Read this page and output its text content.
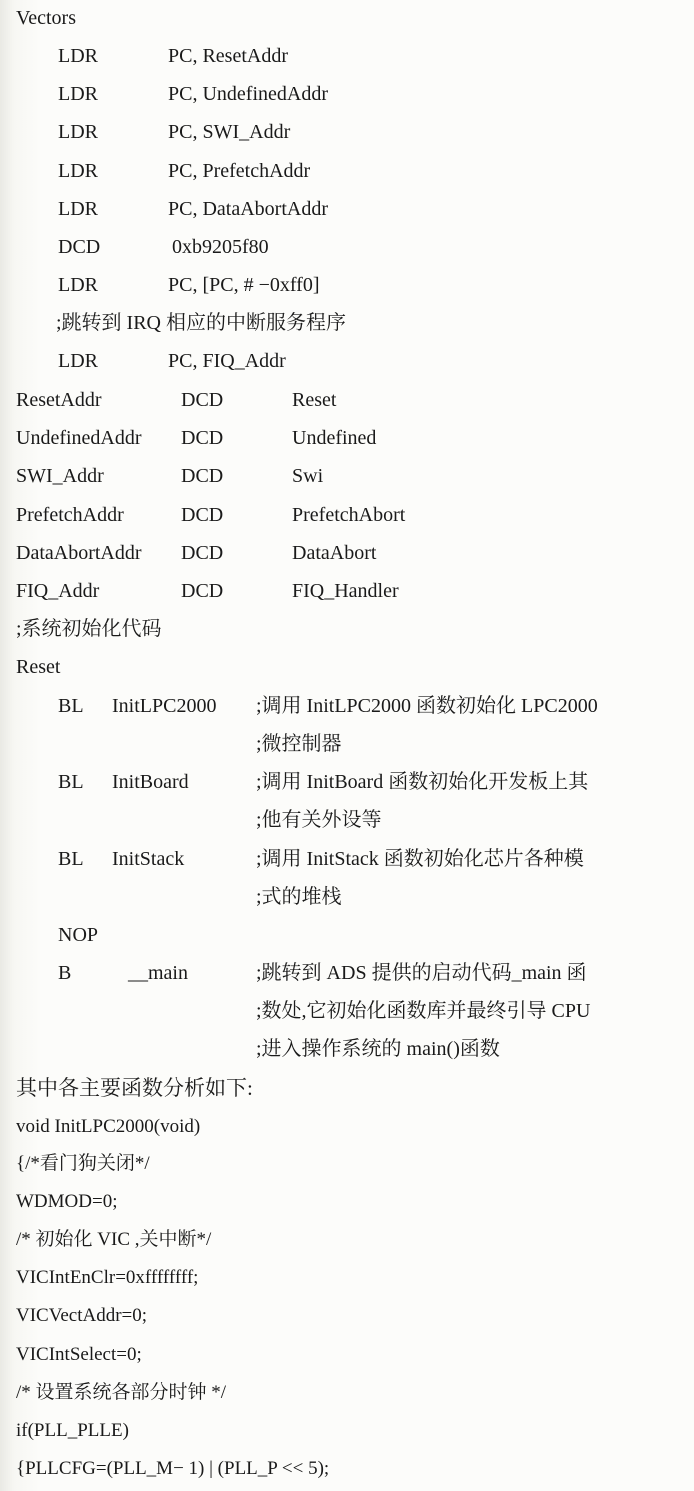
Vectors
LDR	PC, ResetAddr
LDR	PC, UndefinedAddr
LDR	PC, SWI_Addr
LDR	PC, PrefetchAddr
LDR	PC, DataAbortAddr
DCD	0xb9205f80
LDR	PC, [PC, # −0xff0]
;跳转到 IRQ 相应的中断服务程序
LDR	PC, FIQ_Addr
ResetAddr	DCD	Reset
UndefinedAddr DCD	Undefined
SWI_Addr	DCD	Swi
PrefetchAddr	DCD	PrefetchAbort
DataAbortAddr DCD	DataAbort
FIQ_Addr	DCD	FIQ_Handler
;系统初始化代码
Reset
BL InitLPC2000 ;调用 InitLPC2000 函数初始化 LPC2000
;微控制器
BL InitBoard	;调用 InitBoard 函数初始化开发板上其
;他有关外设等
BL InitStack	;调用 InitStack 函数初始化芯片各种模
;式的堆栈
NOP
B	__main	;跳转到 ADS 提供的启动代码_main 函
;数处,它初始化函数库并最终引导 CPU
;进入操作系统的 main()函数
其中各主要函数分析如下:
void InitLPC2000(void)
{/*看门狗关闭*/
WDMOD=0;
/* 初始化 VIC ,关中断*/
VICIntEnClr=0xffffffff;
VICVectAddr=0;
VICIntSelect=0;
/* 设置系统各部分时钟 */
if(PLL_PLLE)
{PLLCFG=(PLL_M− 1) | (PLL_P << 5);
